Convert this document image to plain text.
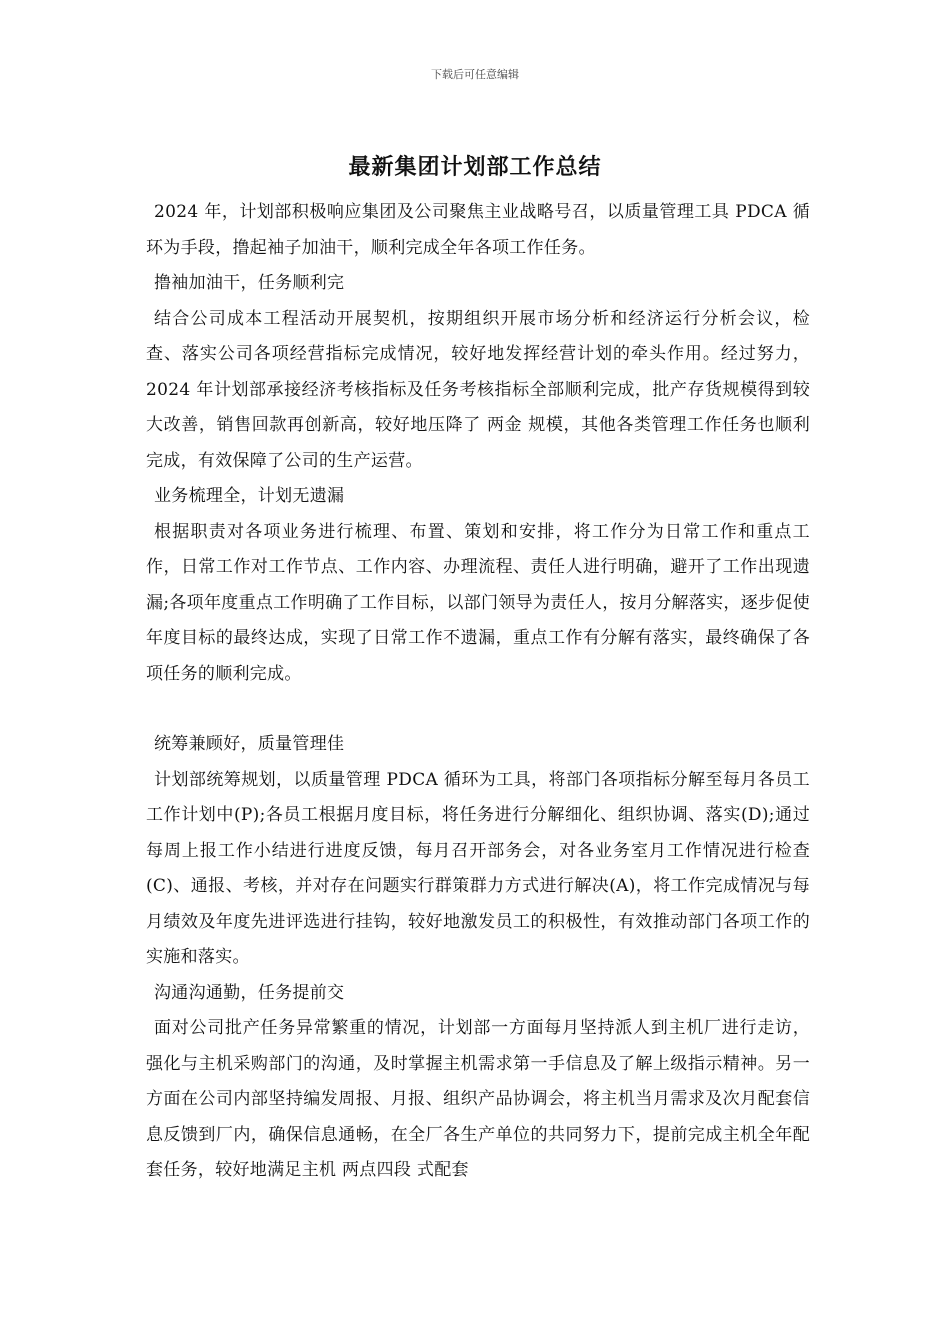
下载后可任意编辑
最新集团计划部工作总结

2024 年，计划部积极响应集团及公司聚焦主业战略号召，以质量管理工具 PDCA 循环为手段，撸起袖子加油干，顺利完成全年各项工作任务。

撸袖加油干，任务顺利完

结合公司成本工程活动开展契机，按期组织开展市场分析和经济运行分析会议，检查、落实公司各项经营指标完成情况，较好地发挥经营计划的牵头作用。经过努力，2024 年计划部承接经济考核指标及任务考核指标全部顺利完成，批产存货规模得到较大改善，销售回款再创新高，较好地压降了 两金 规模，其他各类管理工作任务也顺利完成，有效保障了公司的生产运营。

业务梳理全，计划无遗漏

根据职责对各项业务进行梳理、布置、策划和安排，将工作分为日常工作和重点工作，日常工作对工作节点、工作内容、办理流程、责任人进行明确，避开了工作出现遗漏;各项年度重点工作明确了工作目标，以部门领导为责任人，按月分解落实，逐步促使年度目标的最终达成，实现了日常工作不遗漏，重点工作有分解有落实，最终确保了各项任务的顺利完成。

统筹兼顾好，质量管理佳

计划部统筹规划，以质量管理 PDCA 循环为工具，将部门各项指标分解至每月各员工工作计划中(P);各员工根据月度目标，将任务进行分解细化、组织协调、落实(D);通过每周上报工作小结进行进度反馈，每月召开部务会，对各业务室月工作情况进行检查(C)、通报、考核，并对存在问题实行群策群力方式进行解决(A)，将工作完成情况与每月绩效及年度先进评选进行挂钩，较好地激发员工的积极性，有效推动部门各项工作的实施和落实。

沟通沟通勤，任务提前交

面对公司批产任务异常繁重的情况，计划部一方面每月坚持派人到主机厂进行走访，强化与主机采购部门的沟通，及时掌握主机需求第一手信息及了解上级指示精神。另一方面在公司内部坚持编发周报、月报、组织产品协调会，将主机当月需求及次月配套信息反馈到厂内，确保信息通畅，在全厂各生产单位的共同努力下，提前完成主机全年配套任务，较好地满足主机 两点四段 式配套
